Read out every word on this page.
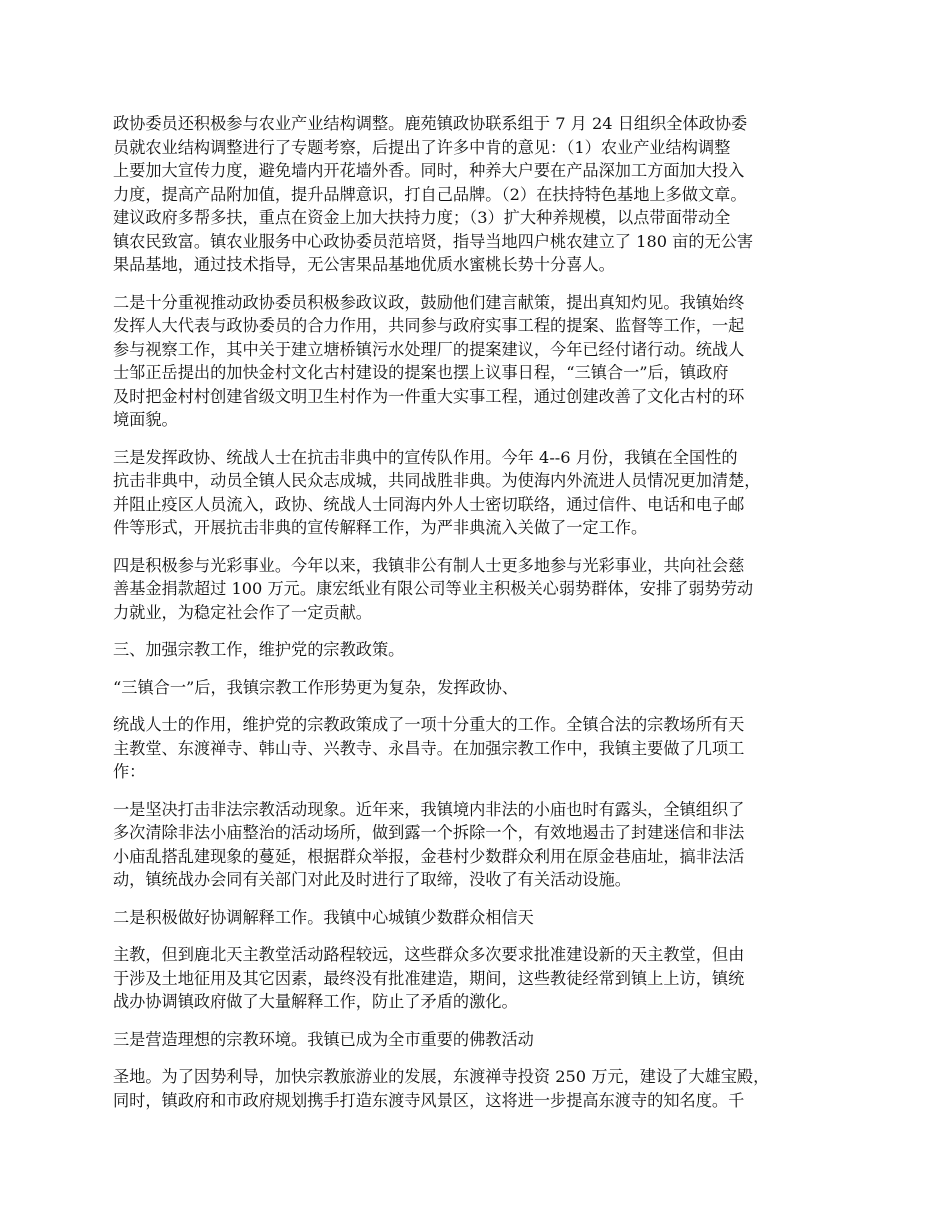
政协委员还积极参与农业产业结构调整。鹿苑镇政协联系组于 7 月 24 日组织全体政协委
员就农业结构调整进行了专题考察，后提出了许多中肯的意见：（1）农业产业结构调整
上要加大宣传力度，避免墙内开花墙外香。同时，种养大户要在产品深加工方面加大投入
力度，提高产品附加值，提升品牌意识，打自己品牌。（2）在扶持特色基地上多做文章。
建议政府多帮多扶，重点在资金上加大扶持力度；（3）扩大种养规模，以点带面带动全
镇农民致富。镇农业服务中心政协委员范培贤，指导当地四户桃农建立了 180 亩的无公害
果品基地，通过技术指导，无公害果品基地优质水蜜桃长势十分喜人。

二是十分重视推动政协委员积极参政议政，鼓励他们建言献策，提出真知灼见。我镇始终
发挥人大代表与政协委员的合力作用，共同参与政府实事工程的提案、监督等工作，一起
参与视察工作，其中关于建立塘桥镇污水处理厂的提案建议，今年已经付诸行动。统战人
士邹正岳提出的加快金村文化古村建设的提案也摆上议事日程，“三镇合一”后，镇政府
及时把金村村创建省级文明卫生村作为一件重大实事工程，通过创建改善了文化古村的环
境面貌。

三是发挥政协、统战人士在抗击非典中的宣传队作用。今年 4--6 月份，我镇在全国性的
抗击非典中，动员全镇人民众志成城，共同战胜非典。为使海内外流进人员情况更加清楚，
并阻止疫区人员流入，政协、统战人士同海内外人士密切联络，通过信件、电话和电子邮
件等形式，开展抗击非典的宣传解释工作，为严非典流入关做了一定工作。

四是积极参与光彩事业。今年以来，我镇非公有制人士更多地参与光彩事业，共向社会慈
善基金捐款超过 100 万元。康宏纸业有限公司等业主积极关心弱势群体，安排了弱势劳动
力就业，为稳定社会作了一定贡献。

三、加强宗教工作，维护党的宗教政策。

“三镇合一”后，我镇宗教工作形势更为复杂，发挥政协、

统战人士的作用，维护党的宗教政策成了一项十分重大的工作。全镇合法的宗教场所有天
主教堂、东渡禅寺、韩山寺、兴教寺、永昌寺。在加强宗教工作中，我镇主要做了几项工
作：

一是坚决打击非法宗教活动现象。近年来，我镇境内非法的小庙也时有露头，全镇组织了
多次清除非法小庙整治的活动场所，做到露一个拆除一个，有效地遏击了封建迷信和非法
小庙乱搭乱建现象的蔓延，根据群众举报，金巷村少数群众利用在原金巷庙址，搞非法活
动，镇统战办会同有关部门对此及时进行了取缔，没收了有关活动设施。

二是积极做好协调解释工作。我镇中心城镇少数群众相信天

主教，但到鹿北天主教堂活动路程较远，这些群众多次要求批准建设新的天主教堂，但由
于涉及土地征用及其它因素，最终没有批准建造，期间，这些教徒经常到镇上上访，镇统
战办协调镇政府做了大量解释工作，防止了矛盾的激化。

三是营造理想的宗教环境。我镇已成为全市重要的佛教活动

圣地。为了因势利导，加快宗教旅游业的发展，东渡禅寺投资 250 万元，建设了大雄宝殿，
同时，镇政府和市政府规划携手打造东渡寺风景区，这将进一步提高东渡寺的知名度。千
